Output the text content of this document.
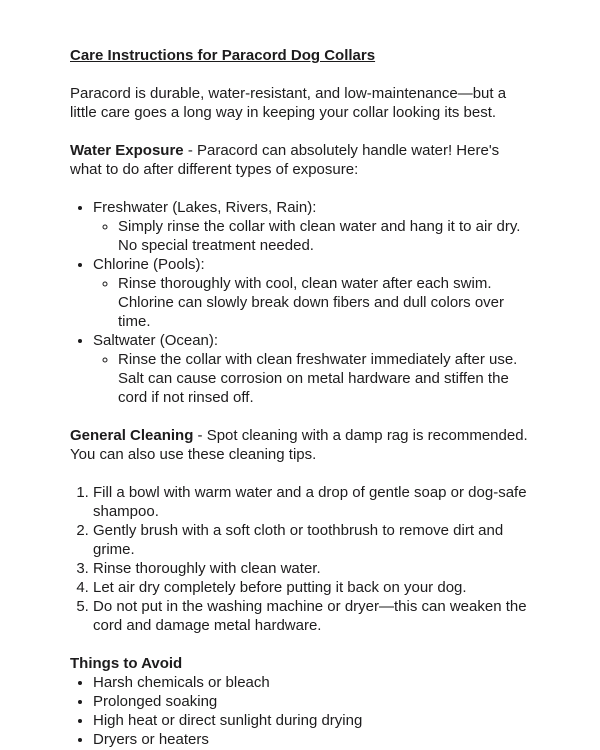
Care Instructions for Paracord Dog Collars

Paracord is durable, water-resistant, and low-maintenance—but a little care goes a long way in keeping your collar looking its best.

Water Exposure - Paracord can absolutely handle water! Here's what to do after different types of exposure:

• Freshwater (Lakes, Rivers, Rain):
◦ Simply rinse the collar with clean water and hang it to air dry. No special treatment needed.
• Chlorine (Pools):
◦ Rinse thoroughly with cool, clean water after each swim. Chlorine can slowly break down fibers and dull colors over time.
• Saltwater (Ocean):
◦ Rinse the collar with clean freshwater immediately after use. Salt can cause corrosion on metal hardware and stiffen the cord if not rinsed off.

General Cleaning - Spot cleaning with a damp rag is recommended. You can also use these cleaning tips.

1. Fill a bowl with warm water and a drop of gentle soap or dog-safe shampoo.
2. Gently brush with a soft cloth or toothbrush to remove dirt and grime.
3. Rinse thoroughly with clean water.
4. Let air dry completely before putting it back on your dog.
5. Do not put in the washing machine or dryer—this can weaken the cord and damage metal hardware.
Things to Avoid
• Harsh chemicals or bleach
• Prolonged soaking
• High heat or direct sunlight during drying
• Dryers or heaters
